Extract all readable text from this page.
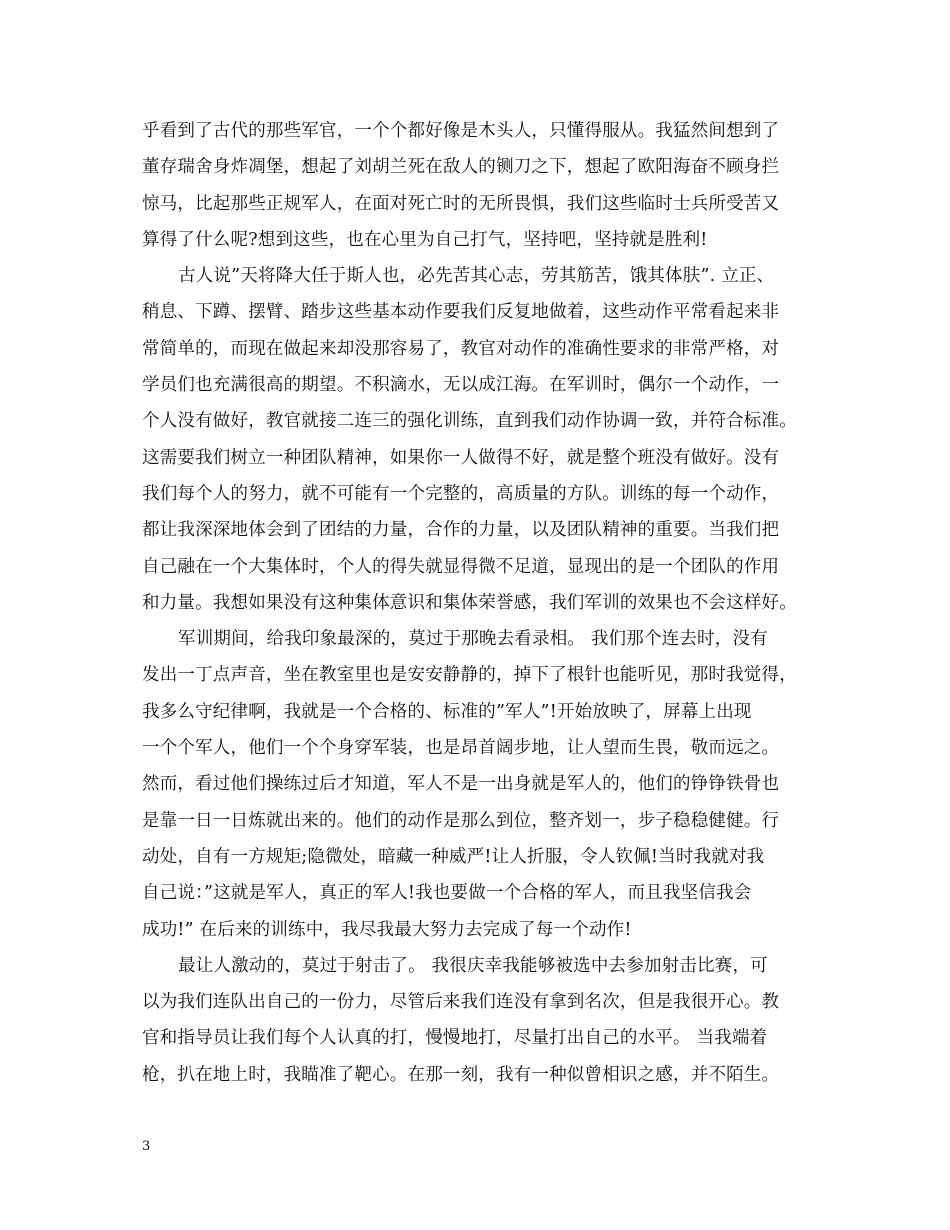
乎看到了古代的那些军官，一个个都好像是木头人，只懂得服从。我猛然间想到了
董存瑞舍身炸凋堡，想起了刘胡兰死在敌人的铡刀之下，想起了欧阳海奋不顾身拦
惊马，比起那些正规军人，在面对死亡时的无所畏惧，我们这些临时士兵所受苦又
算得了什么呢?想到这些，也在心里为自己打气，坚持吧，坚持就是胜利!
古人说”天将降大任于斯人也，必先苦其心志，劳其筋苦，饿其体肤”. 立正、
稍息、下蹲、摆臂、踏步这些基本动作要我们反复地做着，这些动作平常看起来非
常简单的，而现在做起来却没那容易了，教官对动作的准确性要求的非常严格，对
学员们也充满很高的期望。不积滴水，无以成江海。在军训时，偶尔一个动作，一
个人没有做好，教官就接二连三的强化训练，直到我们动作协调一致，并符合标准。
这需要我们树立一种团队精神，如果你一人做得不好，就是整个班没有做好。没有
我们每个人的努力，就不可能有一个完整的，高质量的方队。训练的每一个动作，
都让我深深地体会到了团结的力量，合作的力量，以及团队精神的重要。当我们把
自己融在一个大集体时，个人的得失就显得微不足道，显现出的是一个团队的作用
和力量。我想如果没有这种集体意识和集体荣誉感，我们军训的效果也不会这样好。
军训期间，给我印象最深的，莫过于那晚去看录相。 我们那个连去时，没有
发出一丁点声音，坐在教室里也是安安静静的，掉下了根针也能听见，那时我觉得，
我多么守纪律啊，我就是一个合格的、标准的”军人”!开始放映了，屏幕上出现
一个个军人，他们一个个身穿军装，也是昂首阔步地，让人望而生畏，敬而远之。
然而，看过他们操练过后才知道，军人不是一出身就是军人的，他们的铮铮铁骨也
是靠一日一日炼就出来的。他们的动作是那么到位，整齐划一，步子稳稳健健。行
动处，自有一方规矩;隐微处，暗藏一种威严!让人折服，令人钦佩!当时我就对我
自己说：”这就是军人，真正的军人!我也要做一个合格的军人，而且我坚信我会
成功!” 在后来的训练中，我尽我最大努力去完成了每一个动作!
最让人激动的，莫过于射击了。 我很庆幸我能够被选中去参加射击比赛，可
以为我们连队出自己的一份力，尽管后来我们连没有拿到名次，但是我很开心。教
官和指导员让我们每个人认真的打，慢慢地打，尽量打出自己的水平。 当我端着
枪，扒在地上时，我瞄准了靶心。在那一刻，我有一种似曾相识之感，并不陌生。
3
